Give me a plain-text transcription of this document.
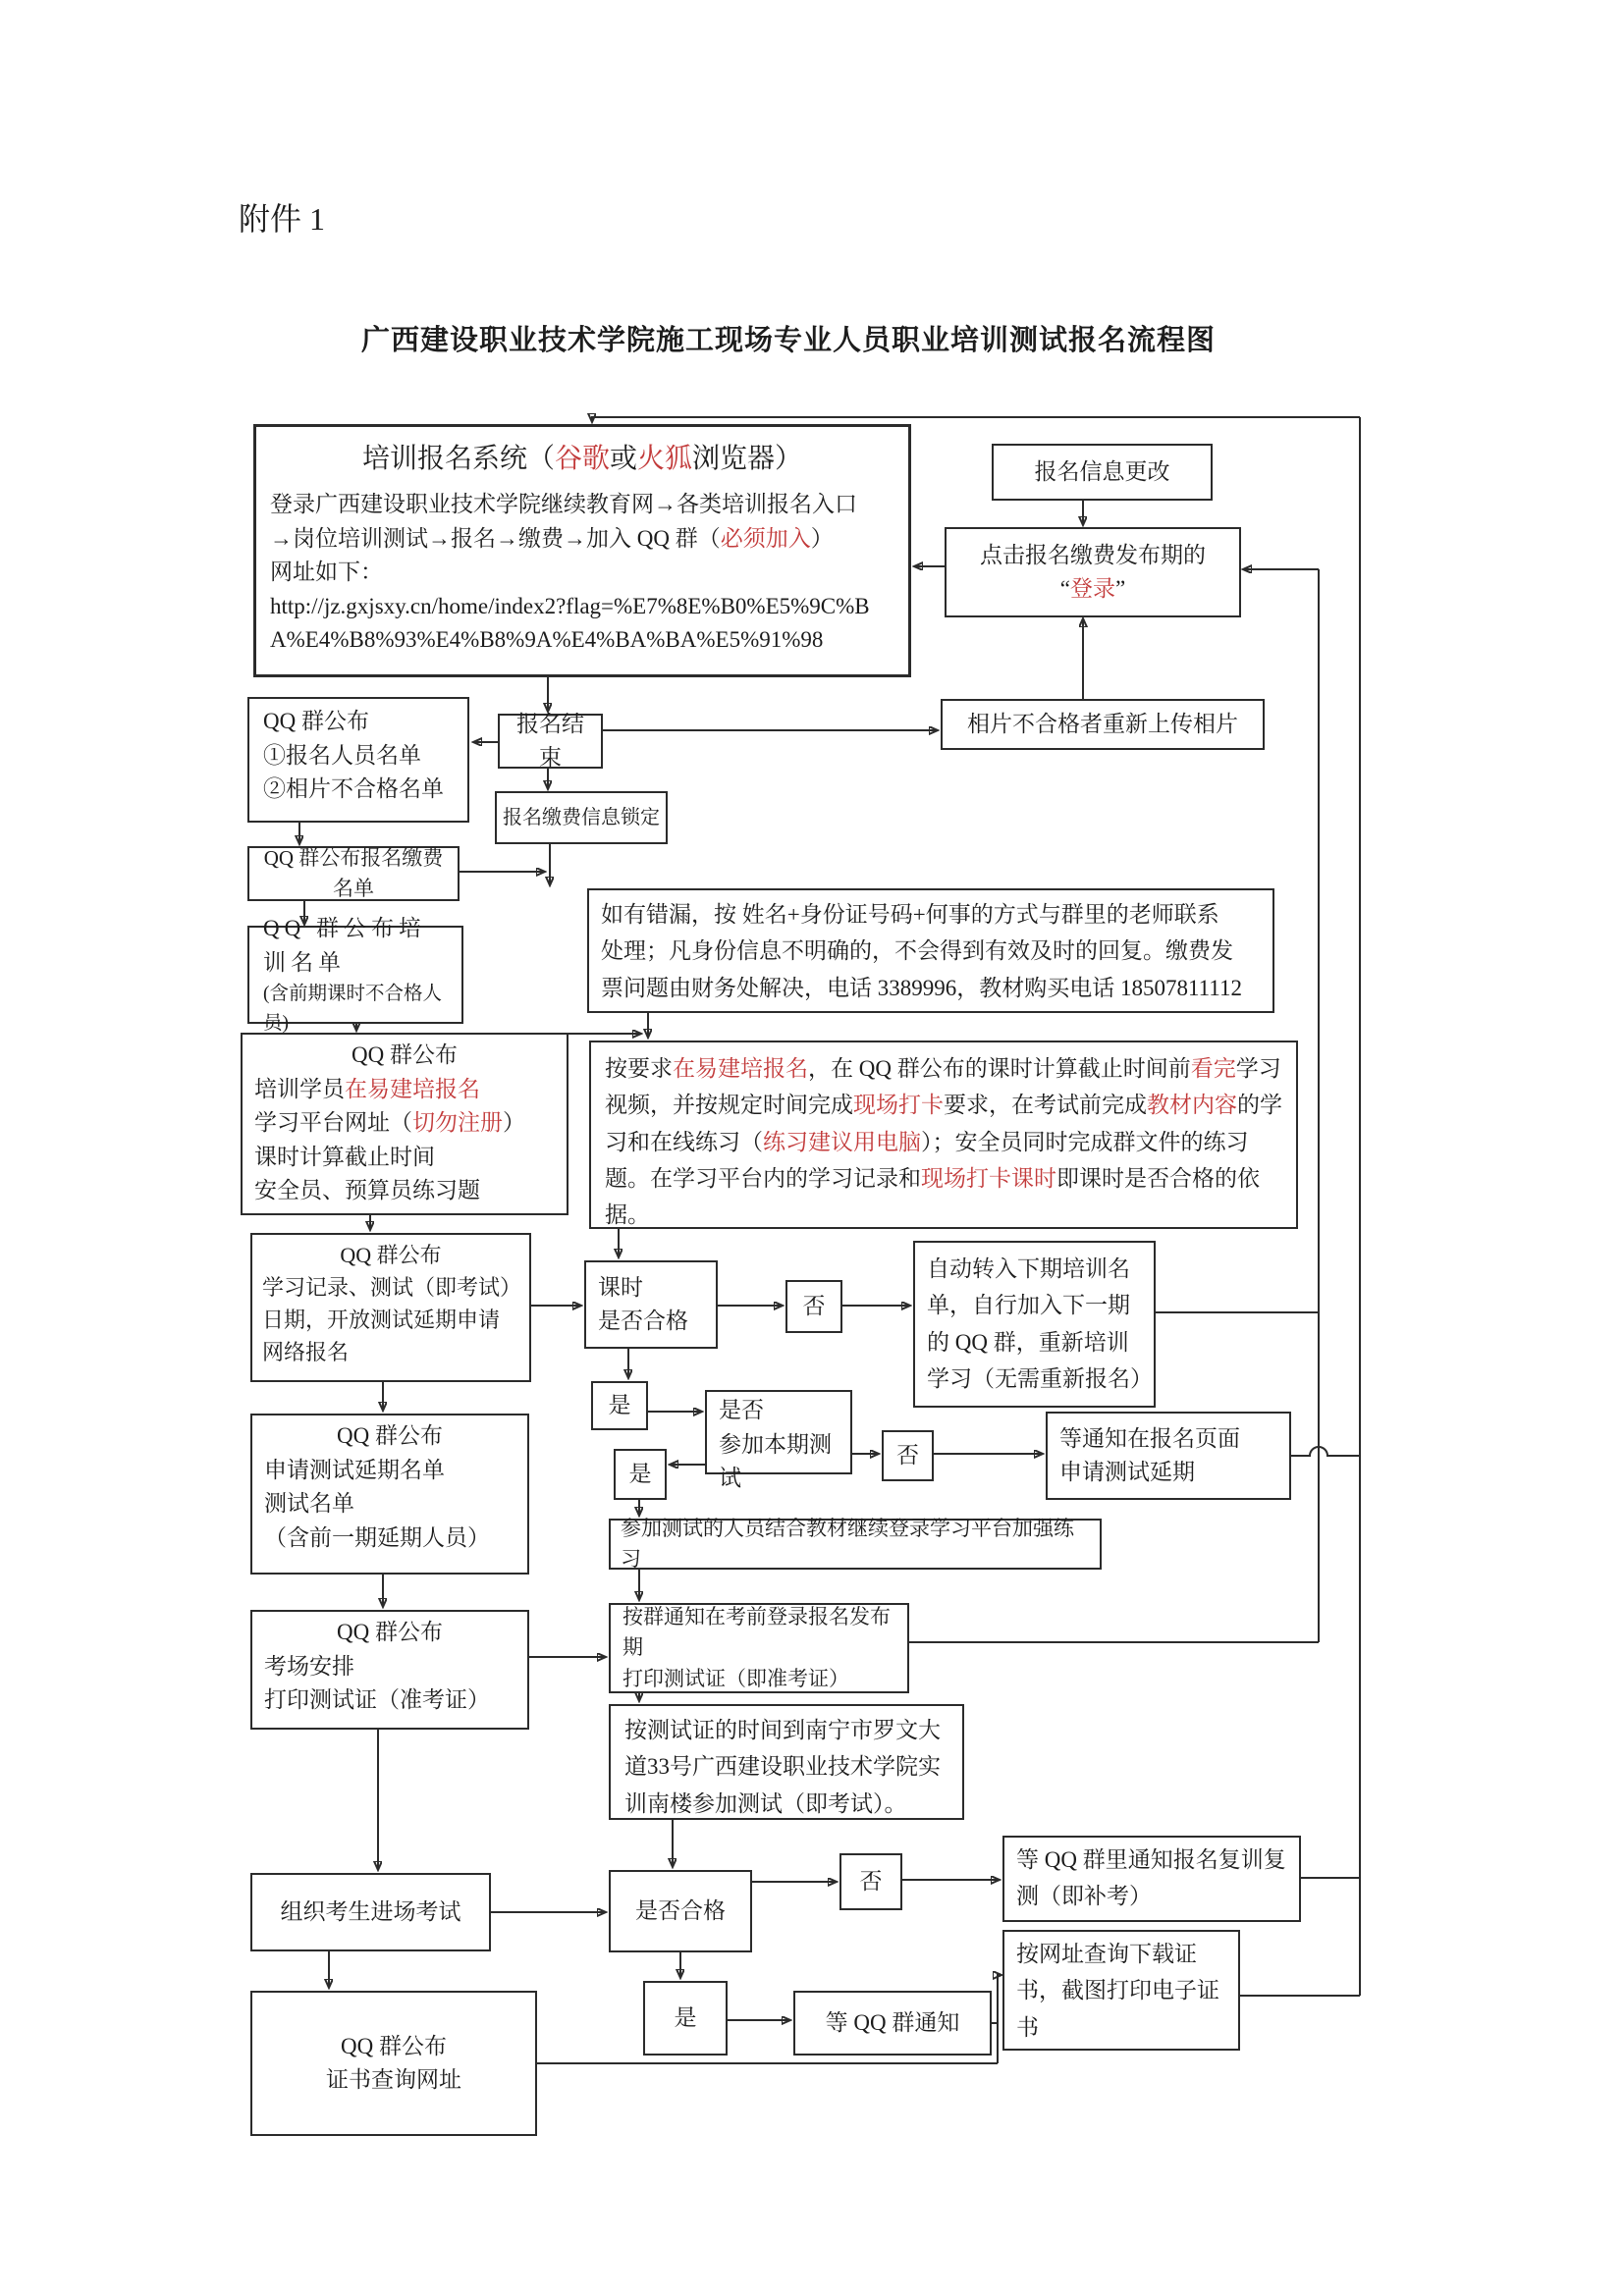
附件 1
广西建设职业技术学院施工现场专业人员职业培训测试报名流程图
培训报名系统（谷歌或火狐浏览器）
登录广西建设职业技术学院继续教育网→各类培训报名入口
→岗位培训测试→报名→缴费→加入 QQ 群（必须加入）
网址如下：
http://jz.gxjsxy.cn/home/index2?flag=%E7%8E%B0%E5%9C%BA%E4%B8%93%E4%B8%9A%E4%BA%BA%E5%91%98
报名信息更改
点击报名缴费发布期的
“登录”
相片不合格者重新上传相片
QQ 群公布
①报名人员名单
②相片不合格名单
报名结束
报名缴费信息锁定
QQ 群公布报名缴费名单
QQ 群公布培训名单
(含前期课时不合格人员)
如有错漏，按 姓名+身份证号码+何事的方式与群里的老师联系
处理；凡身份信息不明确的，不会得到有效及时的回复。缴费发
票问题由财务处解决，电话 3389996，教材购买电话 18507811112
QQ 群公布
培训学员在易建培报名
学习平台网址（切勿注册）
课时计算截止时间
安全员、预算员练习题
按要求在易建培报名，在 QQ 群公布的课时计算截止时间前看完学习视频，并按规定时间完成现场打卡要求，在考试前完成教材内容的学习和在线练习（练习建议用电脑）；安全员同时完成群文件的练习题。在学习平台内的学习记录和现场打卡课时即课时是否合格的依据。
QQ 群公布
学习记录、测试（即考试）
日期，开放测试延期申请
网络报名
课时
是否合格
否
自动转入下期培训名单，自行加入下一期的 QQ 群，重新培训学习（无需重新报名）
是	是否
参加本期测试
否
等通知在报名页面
申请测试延期
是
参加测试的人员结合教材继续登录学习平台加强练习
QQ 群公布
申请测试延期名单
测试名单
（含前一期延期人员）
QQ 群公布
考场安排
打印测试证（准考证）
按群通知在考前登录报名发布期
打印测试证（即准考证）
按测试证的时间到南宁市罗文大道33号广西建设职业技术学院实训南楼参加测试（即考试）。
组织考生进场考试	是否合格
否
等 QQ 群里通知报名复训复测（即补考）
是	等 QQ 群通知
按网址查询下载证书，截图打印电子证书
QQ 群公布
证书查询网址
